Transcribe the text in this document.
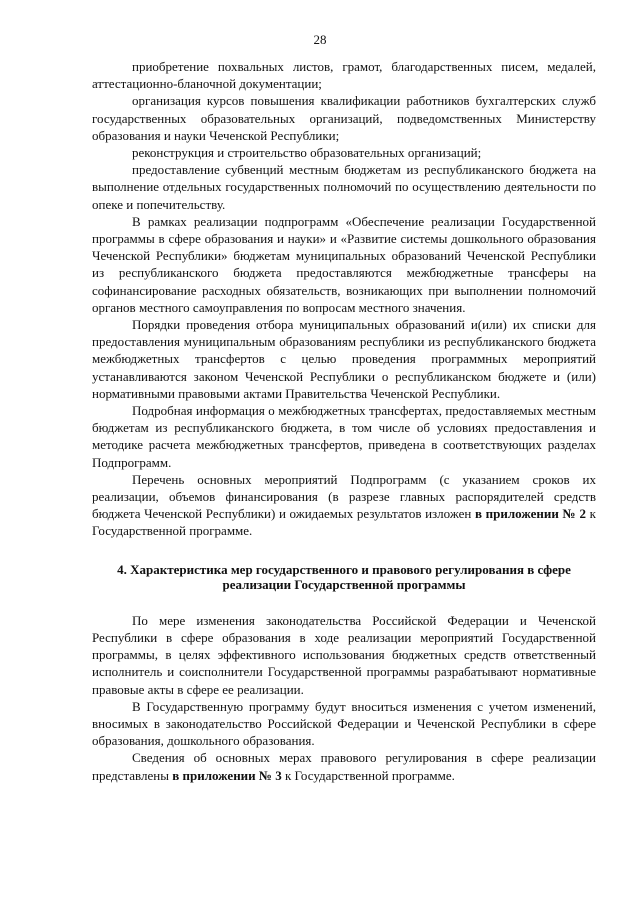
28

приобретение похвальных листов, грамот, благодарственных писем, медалей, аттестационно-бланочной документации;

организация курсов повышения квалификации работников бухгалтерских служб государственных образовательных организаций, подведомственных Министерству образования и науки Чеченской Республики;

реконструкция и строительство образовательных организаций;

предоставление субвенций местным бюджетам из республиканского бюджета на выполнение отдельных государственных полномочий по осуществлению деятельности по опеке и попечительству.

В рамках реализации подпрограмм «Обеспечение реализации Государственной программы в сфере образования и науки» и «Развитие системы дошкольного образования Чеченской Республики» бюджетам муниципальных образований Чеченской Республики из республиканского бюджета предоставляются межбюджетные трансферы на софинансирование расходных обязательств, возникающих при выполнении полномочий органов местного самоуправления по вопросам местного значения.

Порядки проведения отбора муниципальных образований и(или) их списки для предоставления муниципальным образованиям республики из республиканского бюджета межбюджетных трансфертов с целью проведения программных мероприятий устанавливаются законом Чеченской Республики о республиканском бюджете и (или) нормативными правовыми актами Правительства Чеченской Республики.

Подробная информация о межбюджетных трансфертах, предоставляемых местным бюджетам из республиканского бюджета, в том числе об условиях предоставления и методике расчета межбюджетных трансфертов, приведена в соответствующих разделах Подпрограмм.

Перечень основных мероприятий Подпрограмм (с указанием сроков их реализации, объемов финансирования (в разрезе главных распорядителей средств бюджета Чеченской Республики) и ожидаемых результатов изложен в приложении № 2 к Государственной программе.

4. Характеристика мер государственного и правового регулирования в сфере реализации Государственной программы

По мере изменения законодательства Российской Федерации и Чеченской Республики в сфере образования в ходе реализации мероприятий Государственной программы, в целях эффективного использования бюджетных средств ответственный исполнитель и соисполнители Государственной программы разрабатывают нормативные правовые акты в сфере ее реализации.

В Государственную программу будут вноситься изменения с учетом изменений, вносимых в законодательство Российской Федерации и Чеченской Республики в сфере образования, дошкольного образования.

Сведения об основных мерах правового регулирования в сфере реализации представлены в приложении № 3 к Государственной программе.
